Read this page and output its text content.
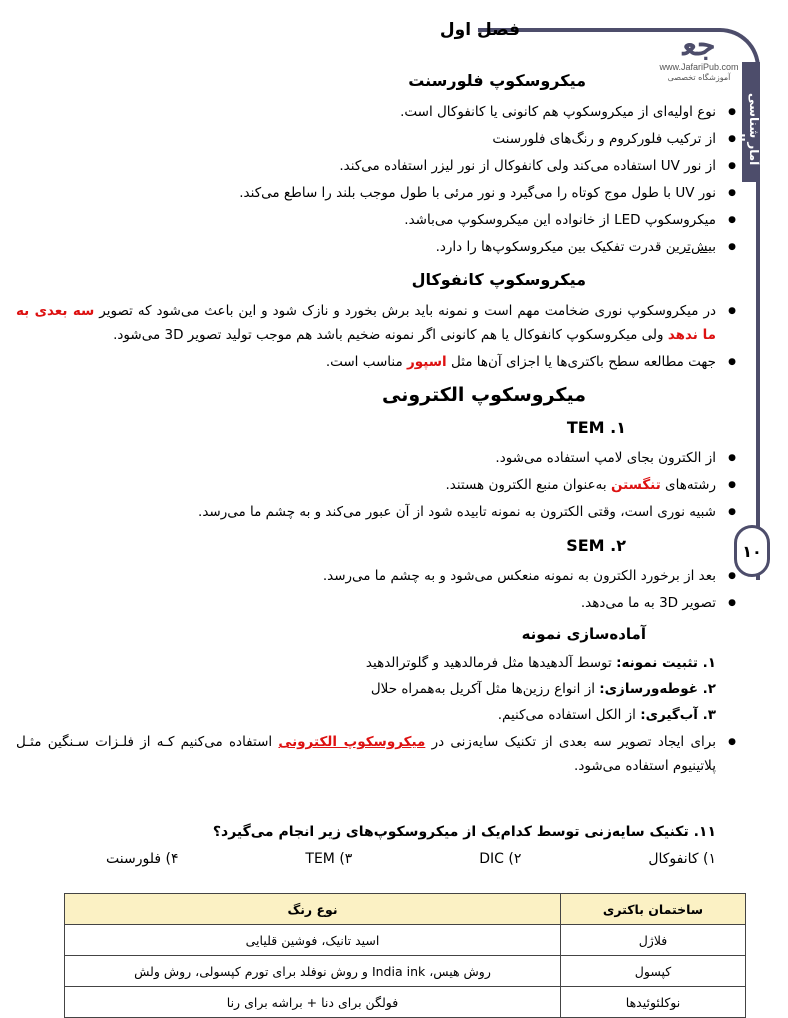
آمار شناسی بالینی
۱۰
ﺟﻌ
www.JafariPub.com
آموزشگاه تخصصی
فصل اول
میکروسکوپ فلورسنت
● نوع اولیه‌ای از میکروسکوپ هم کانونی یا کانفوکال است.
● از ترکیب فلورکروم و رنگ‌های فلورسنت
● از نور UV استفاده می‌کند ولی کانفوکال از نور لیزر استفاده می‌کند.
● نور UV با طول موج کوتاه را می‌گیرد و نور مرئی با طول موجب بلند را ساطع می‌کند.
● میکروسکوپ LED از خانواده این میکروسکوپ می‌باشد.
● بیش‌ترین قدرت تفکیک بین میکروسکوپ‌ها را دارد.
میکروسکوپ کانفوکال
● در میکروسکوپ نوری ضخامت مهم است و نمونه باید برش بخورد و نازک شود و این باعث می‌شود که تصویر سه بعدی به ما ندهد ولی میکروسکوپ کانفوکال یا هم کانونی اگر نمونه ضخیم باشد هم موجب تولید تصویر 3D می‌شود.
● جهت مطالعه سطح باکتری‌ها یا اجزای آن‌ها مثل اسپور مناسب است.
میکروسکوپ الکترونی
TEM .۱
● از الکترون بجای لامپ استفاده می‌شود.
● رشته‌های تنگستن به‌عنوان منبع الکترون هستند.
● شبیه نوری است، وقتی الکترون به نمونه تابیده شود از آن عبور می‌کند و به چشم ما می‌رسد.
SEM .۲
● بعد از برخورد الکترون به نمونه منعکس می‌شود و به چشم ما می‌رسد.
● تصویر 3D به ما می‌دهد.
آماده‌سازی نمونه
۱. تثبیت نمونه: توسط آلدهیدها مثل فرمالدهید و گلوترالدهید
۲. غوطه‌ورسازی: از انواع رزین‌ها مثل آکریل به‌همراه حلال
۳. آب‌گیری: از الکل استفاده می‌کنیم.
● برای ایجاد تصویر سه بعدی از تکنیک سایه‌زنی در میکروسکوپ الکترونی استفاده می‌کنیم کـه از فلـزات سـنگین مثـل پلاتینیوم استفاده می‌شود.
۱۱. تکنیک سایه‌زنی توسط کدام‌یک از میکروسکوپ‌های زیر انجام می‌گیرد؟
۱) کانفوکال
۲) DIC
۳) TEM
۴) فلورسنت
ساختمان باکتری	نوع رنگ
فلاژل	اسید تانیک، فوشین قلیایی
کپسول	روش هیس، India ink و روش نوفلد برای تورم کپسولی، روش ولش
نوکلئوئیدها	فولگن برای دنا + براشه برای رنا
